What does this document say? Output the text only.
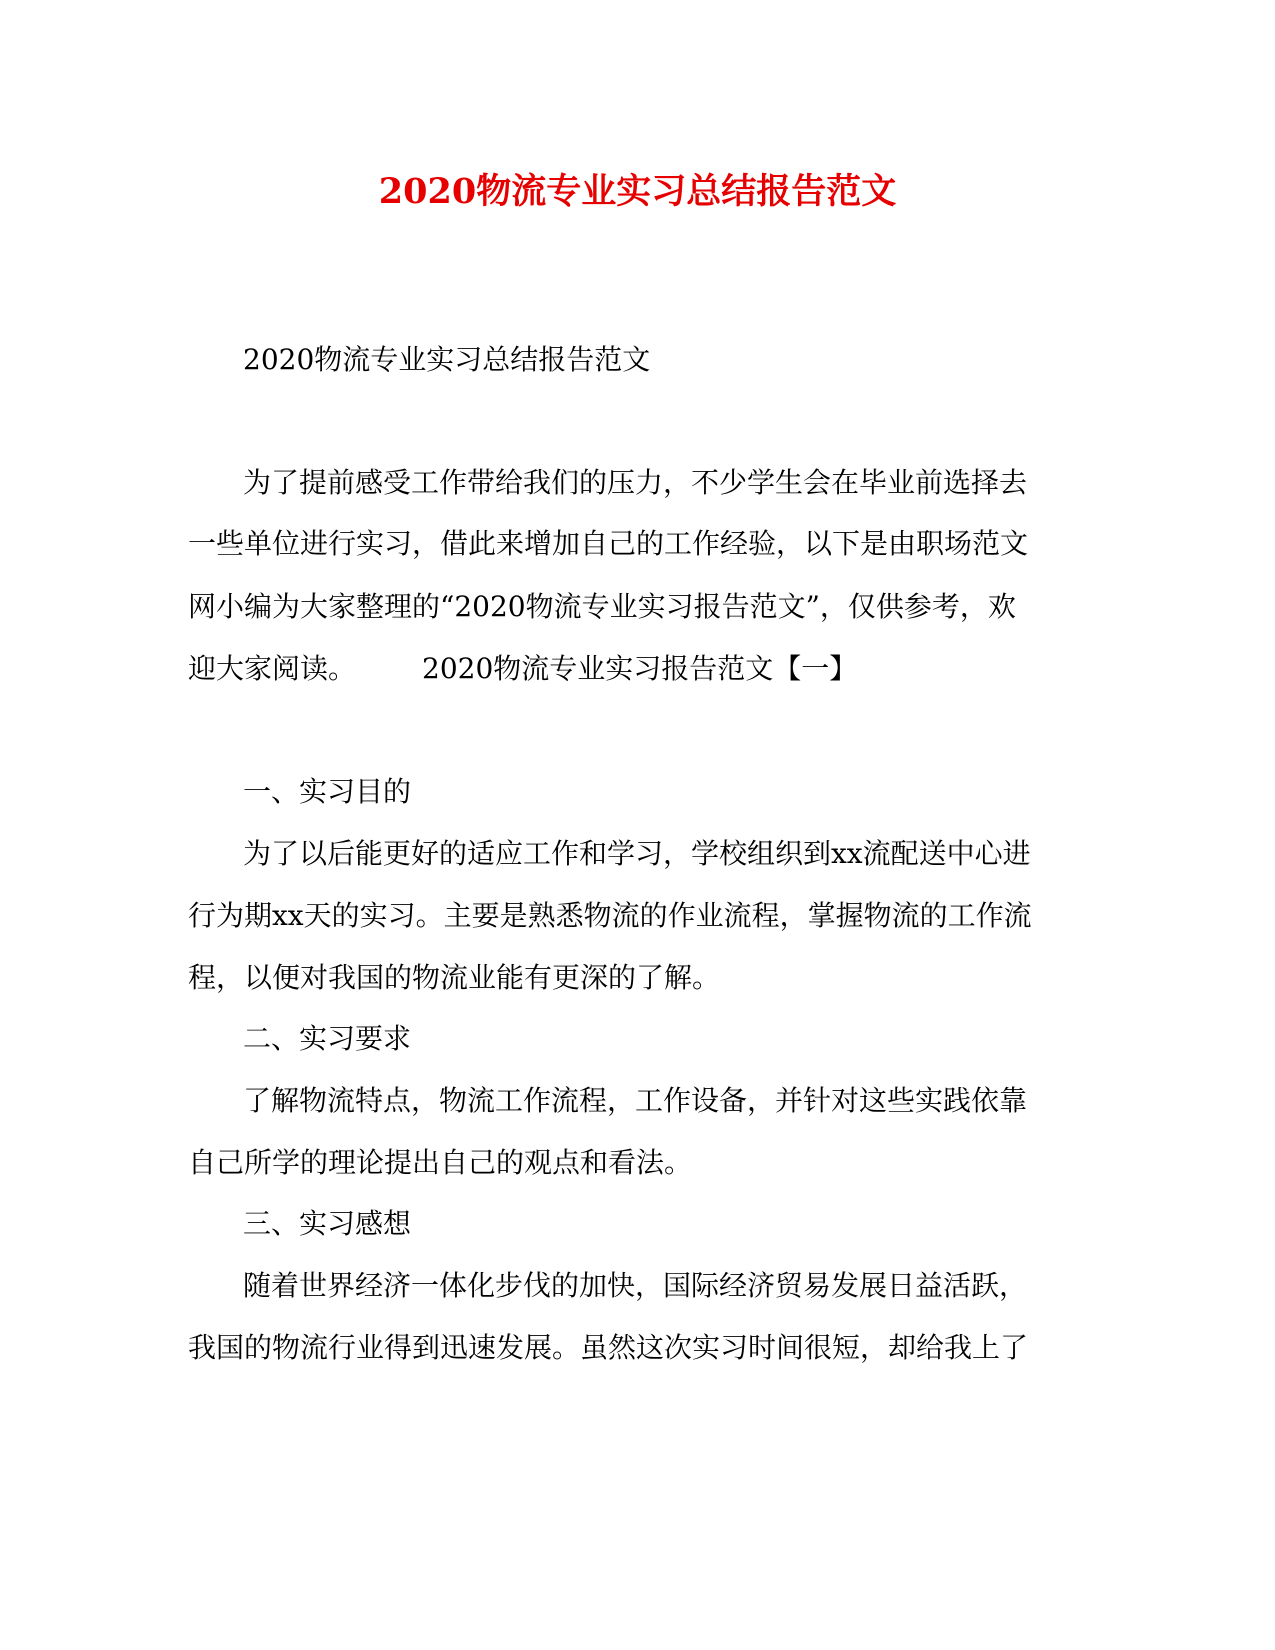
2020物流专业实习总结报告范文
2020物流专业实习总结报告范文
为了提前感受工作带给我们的压力，不少学生会在毕业前选择去
一些单位进行实习，借此来增加自己的工作经验，以下是由职场范文
网小编为大家整理的“2020物流专业实习报告范文”，仅供参考，欢
迎大家阅读。 2020物流专业实习报告范文【一】
一、实习目的
为了以后能更好的适应工作和学习，学校组织到xx流配送中心进
行为期xx天的实习。主要是熟悉物流的作业流程，掌握物流的工作流
程，以便对我国的物流业能有更深的了解。
二、实习要求
了解物流特点，物流工作流程，工作设备，并针对这些实践依靠
自己所学的理论提出自己的观点和看法。
三、实习感想
随着世界经济一体化步伐的加快，国际经济贸易发展日益活跃，
我国的物流行业得到迅速发展。虽然这次实习时间很短，却给我上了
